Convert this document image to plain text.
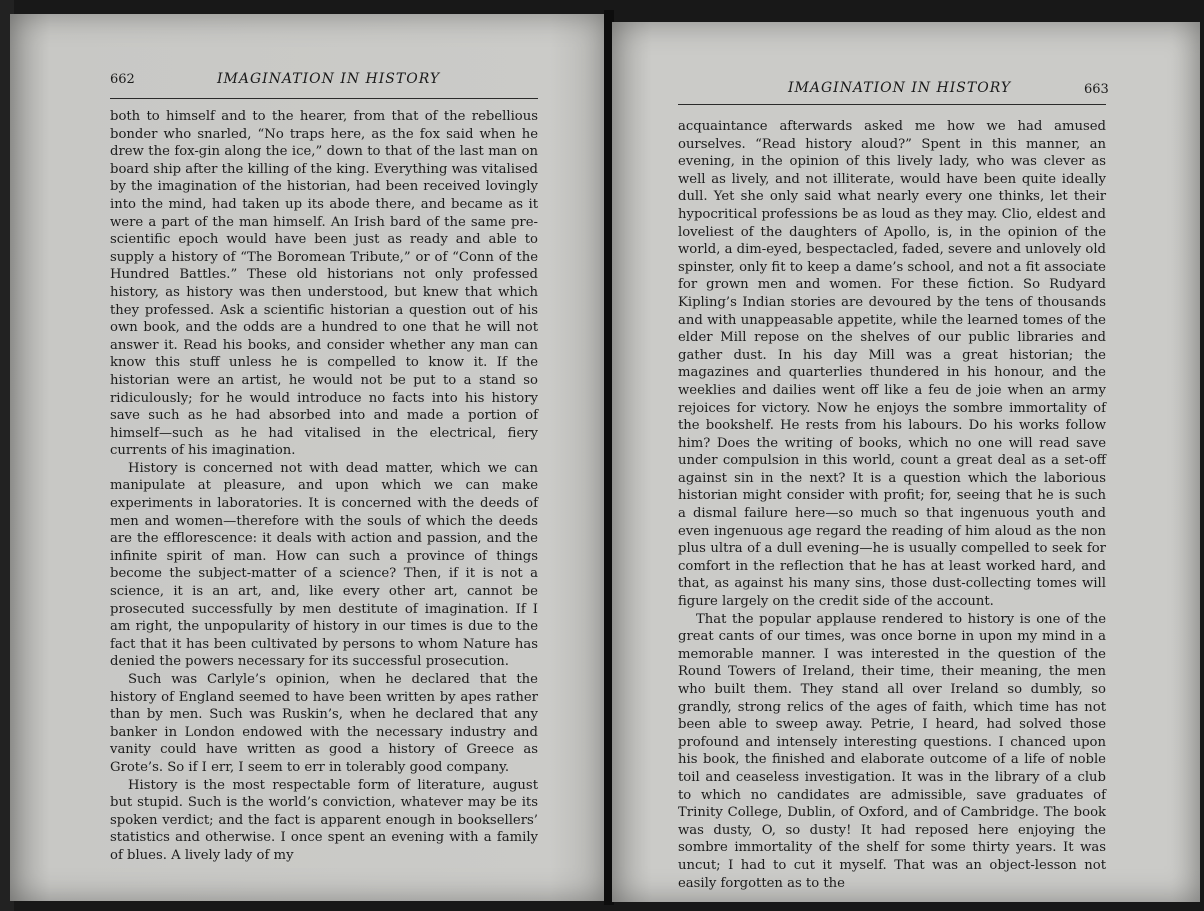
662	IMAGINATION IN HISTORY

both to himself and to the hearer, from that of the rebellious bonder who snarled, “No traps here, as the fox said when he drew the fox-gin along the ice,” down to that of the last man on board ship after the killing of the king. Everything was vitalised by the imagination of the historian, had been received lovingly into the mind, had taken up its abode there, and became as it were a part of the man himself. An Irish bard of the same pre-scientific epoch would have been just as ready and able to supply a history of “The Boromean Tribute,” or of “Conn of the Hundred Battles.” These old historians not only professed history, as history was then understood, but knew that which they professed. Ask a scientific historian a question out of his own book, and the odds are a hundred to one that he will not answer it. Read his books, and consider whether any man can know this stuff unless he is compelled to know it. If the historian were an artist, he would not be put to a stand so ridiculously; for he would introduce no facts into his history save such as he had absorbed into and made a portion of himself—such as he had vitalised in the electrical, fiery currents of his imagination.

History is concerned not with dead matter, which we can manipulate at pleasure, and upon which we can make experiments in laboratories. It is concerned with the deeds of men and women—therefore with the souls of which the deeds are the efflorescence: it deals with action and passion, and the infinite spirit of man. How can such a province of things become the subject-matter of a science? Then, if it is not a science, it is an art, and, like every other art, cannot be prosecuted successfully by men destitute of imagination. If I am right, the unpopularity of history in our times is due to the fact that it has been cultivated by persons to whom Nature has denied the powers necessary for its successful prosecution.

Such was Carlyle’s opinion, when he declared that the history of England seemed to have been written by apes rather than by men. Such was Ruskin’s, when he declared that any banker in London endowed with the necessary industry and vanity could have written as good a history of Greece as Grote’s. So if I err, I seem to err in tolerably good company.

History is the most respectable form of literature, august but stupid. Such is the world’s conviction, whatever may be its spoken verdict; and the fact is apparent enough in booksellers’ statistics and otherwise. I once spent an evening with a family of blues. A lively lady of my

IMAGINATION IN HISTORY	663

acquaintance afterwards asked me how we had amused ourselves. “Read history aloud?” Spent in this manner, an evening, in the opinion of this lively lady, who was clever as well as lively, and not illiterate, would have been quite ideally dull. Yet she only said what nearly every one thinks, let their hypocritical professions be as loud as they may. Clio, eldest and loveliest of the daughters of Apollo, is, in the opinion of the world, a dim-eyed, bespectacled, faded, severe and unlovely old spinster, only fit to keep a dame’s school, and not a fit associate for grown men and women. For these fiction. So Rudyard Kipling’s Indian stories are devoured by the tens of thousands and with unappeasable appetite, while the learned tomes of the elder Mill repose on the shelves of our public libraries and gather dust. In his day Mill was a great historian; the magazines and quarterlies thundered in his honour, and the weeklies and dailies went off like a feu de joie when an army rejoices for victory. Now he enjoys the sombre immortality of the bookshelf. He rests from his labours. Do his works follow him? Does the writing of books, which no one will read save under compulsion in this world, count a great deal as a set-off against sin in the next? It is a question which the laborious historian might consider with profit; for, seeing that he is such a dismal failure here—so much so that ingenuous youth and even ingenuous age regard the reading of him aloud as the non plus ultra of a dull evening—he is usually compelled to seek for comfort in the reflection that he has at least worked hard, and that, as against his many sins, those dust-collecting tomes will figure largely on the credit side of the account.

That the popular applause rendered to history is one of the great cants of our times, was once borne in upon my mind in a memorable manner. I was interested in the question of the Round Towers of Ireland, their time, their meaning, the men who built them. They stand all over Ireland so dumbly, so grandly, strong relics of the ages of faith, which time has not been able to sweep away. Petrie, I heard, had solved those profound and intensely interesting questions. I chanced upon his book, the finished and elaborate outcome of a life of noble toil and ceaseless investigation. It was in the library of a club to which no candidates are admissible, save graduates of Trinity College, Dublin, of Oxford, and of Cambridge. The book was dusty, O, so dusty! It had reposed here enjoying the sombre immortality of the shelf for some thirty years. It was uncut; I had to cut it myself. That was an object-lesson not easily forgotten as to the
